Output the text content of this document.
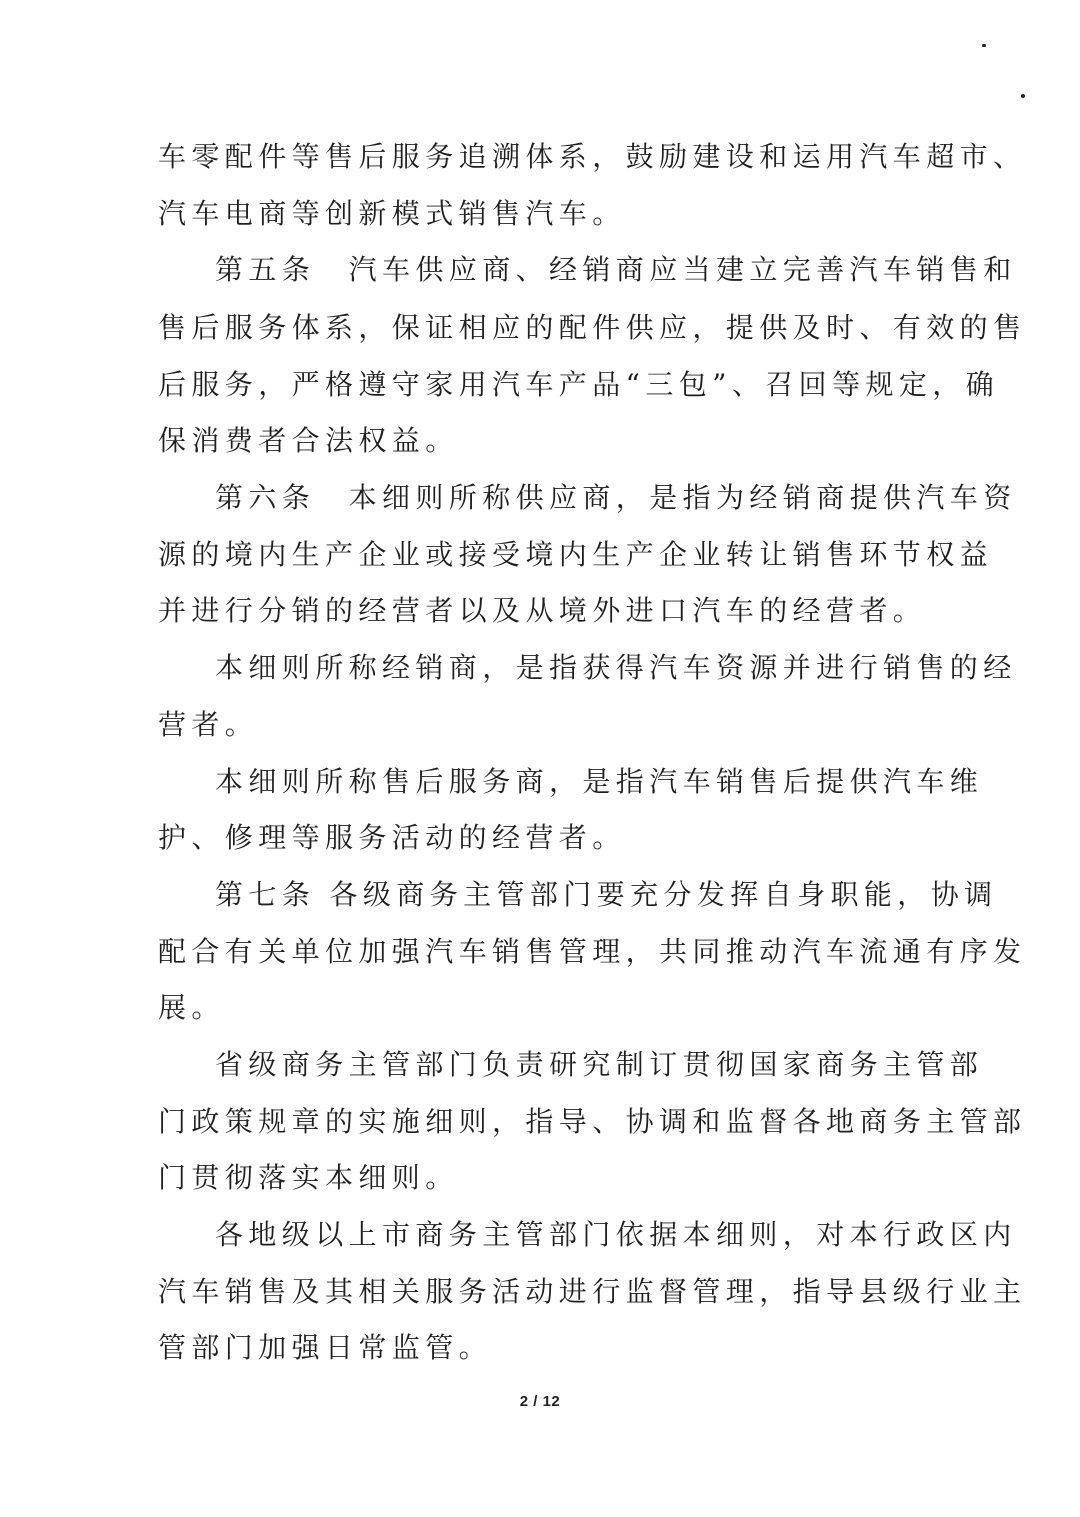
车零配件等售后服务追溯体系，鼓励建设和运用汽车超市、
汽车电商等创新模式销售汽车。
第五条　汽车供应商、经销商应当建立完善汽车销售和
售后服务体系，保证相应的配件供应，提供及时、有效的售
后服务，严格遵守家用汽车产品“三包”、召回等规定，确
保消费者合法权益。
第六条　本细则所称供应商，是指为经销商提供汽车资
源的境内生产企业或接受境内生产企业转让销售环节权益
并进行分销的经营者以及从境外进口汽车的经营者。
本细则所称经销商，是指获得汽车资源并进行销售的经
营者。
本细则所称售后服务商，是指汽车销售后提供汽车维
护、修理等服务活动的经营者。
第七条 各级商务主管部门要充分发挥自身职能，协调
配合有关单位加强汽车销售管理，共同推动汽车流通有序发
展。
省级商务主管部门负责研究制订贯彻国家商务主管部
门政策规章的实施细则，指导、协调和监督各地商务主管部
门贯彻落实本细则。
各地级以上市商务主管部门依据本细则，对本行政区内
汽车销售及其相关服务活动进行监督管理，指导县级行业主
管部门加强日常监管。
2 / 12
